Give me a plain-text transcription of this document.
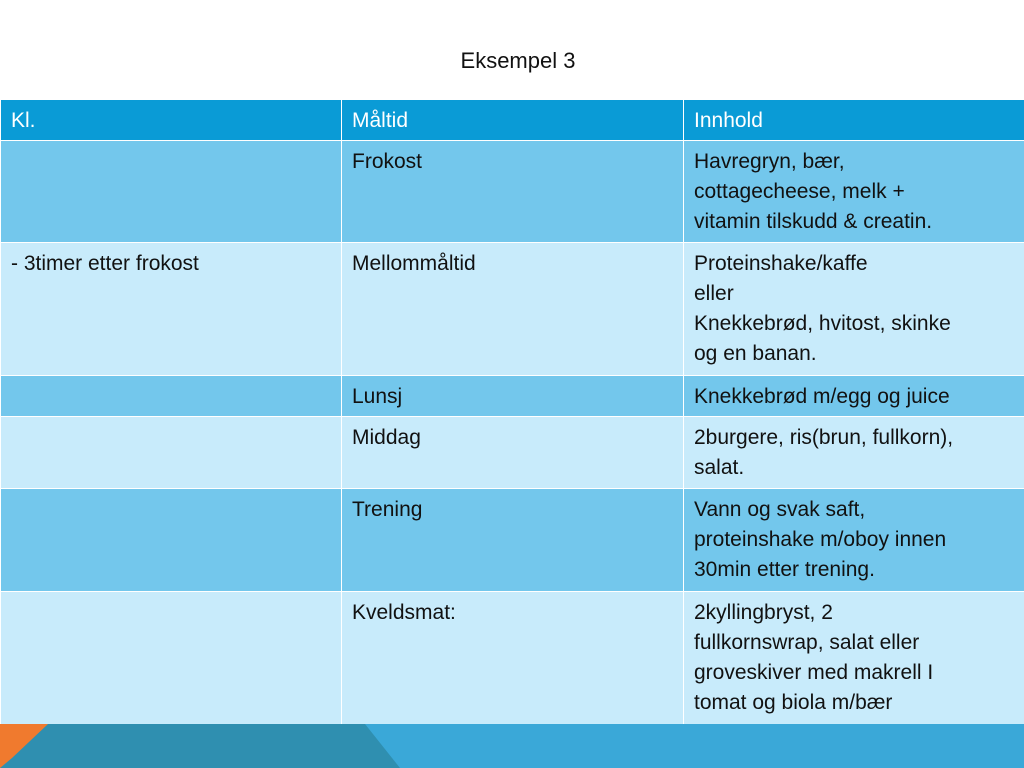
Eksempel 3
Kl.	Måltid	Innhold
	Frokost	Havregryn, bær,
cottagecheese, melk +
vitamin tilskudd & creatin.
- 3timer etter frokost	Mellommåltid	Proteinshake/kaffe
eller
Knekkebrød, hvitost, skinke
og en banan.
	Lunsj	Knekkebrød m/egg og juice
	Middag	2burgere, ris(brun, fullkorn),
salat.
	Trening	Vann og svak saft,
proteinshake m/oboy innen
30min etter trening.
	Kveldsmat:	2kyllingbryst, 2
fullkornswrap, salat eller
groveskiver med makrell I
tomat og biola m/bær
